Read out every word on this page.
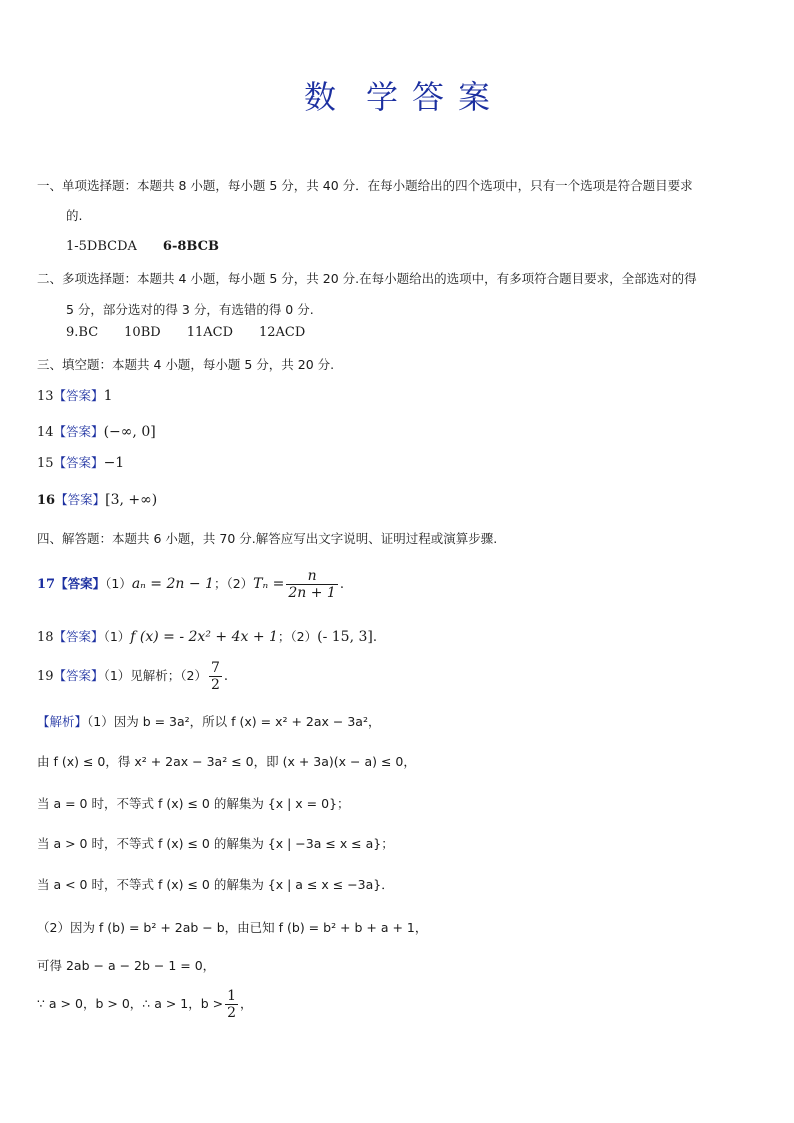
数 学 答 案
一、单项选择题：本题共 8 小题，每小题 5 分，共 40 分．在每小题给出的四个选项中，只有一个选项是符合题目要求
的.
1-5DBCDA 6-8BCB
二、多项选择题：本题共 4 小题，每小题 5 分，共 20 分.在每小题给出的选项中，有多项符合题目要求，全部选对的得
5 分，部分选对的得 3 分，有选错的得 0 分.
9.BC 10BD 11ACD 12ACD
三、填空题：本题共 4 小题，每小题 5 分，共 20 分.
13【答案】1
14【答案】(−∞, 0]
15【答案】−1
16【答案】[3, +∞)
四、解答题：本题共 6 小题，共 70 分.解答应写出文字说明、证明过程或演算步骤.
17【答案】（1）aₙ = 2n − 1；$(2)T_n = \frac{n}{2n + 1}$ .
18【答案】（1）f (x) = - 2x² + 4x + 1；（2）(- 15, 3].
19【答案】（1）见解析；$(2) \frac{7}{2}$ .
【解析】（1）因为 b = 3a²，所以 f (x) = x² + 2ax − 3a²，
由 f (x) ≤ 0，得 x² + 2ax − 3a² ≤ 0，即 (x + 3a)(x − a) ≤ 0，
当 a = 0 时，不等式 f (x) ≤ 0 的解集为 {x | x = 0}；
当 a > 0 时，不等式 f (x) ≤ 0 的解集为 {x | −3a ≤ x ≤ a}；
当 a < 0 时，不等式 f (x) ≤ 0 的解集为 {x | a ≤ x ≤ −3a}．
（2）因为 f (b) = b² + 2ab − b，由已知 f (b) = b² + b + a + 1，
可得 2ab − a − 2b − 1 = 0，
∵ a > 0，b > 0，∴ a > 1，$b > \frac{1}{2}$ ，
